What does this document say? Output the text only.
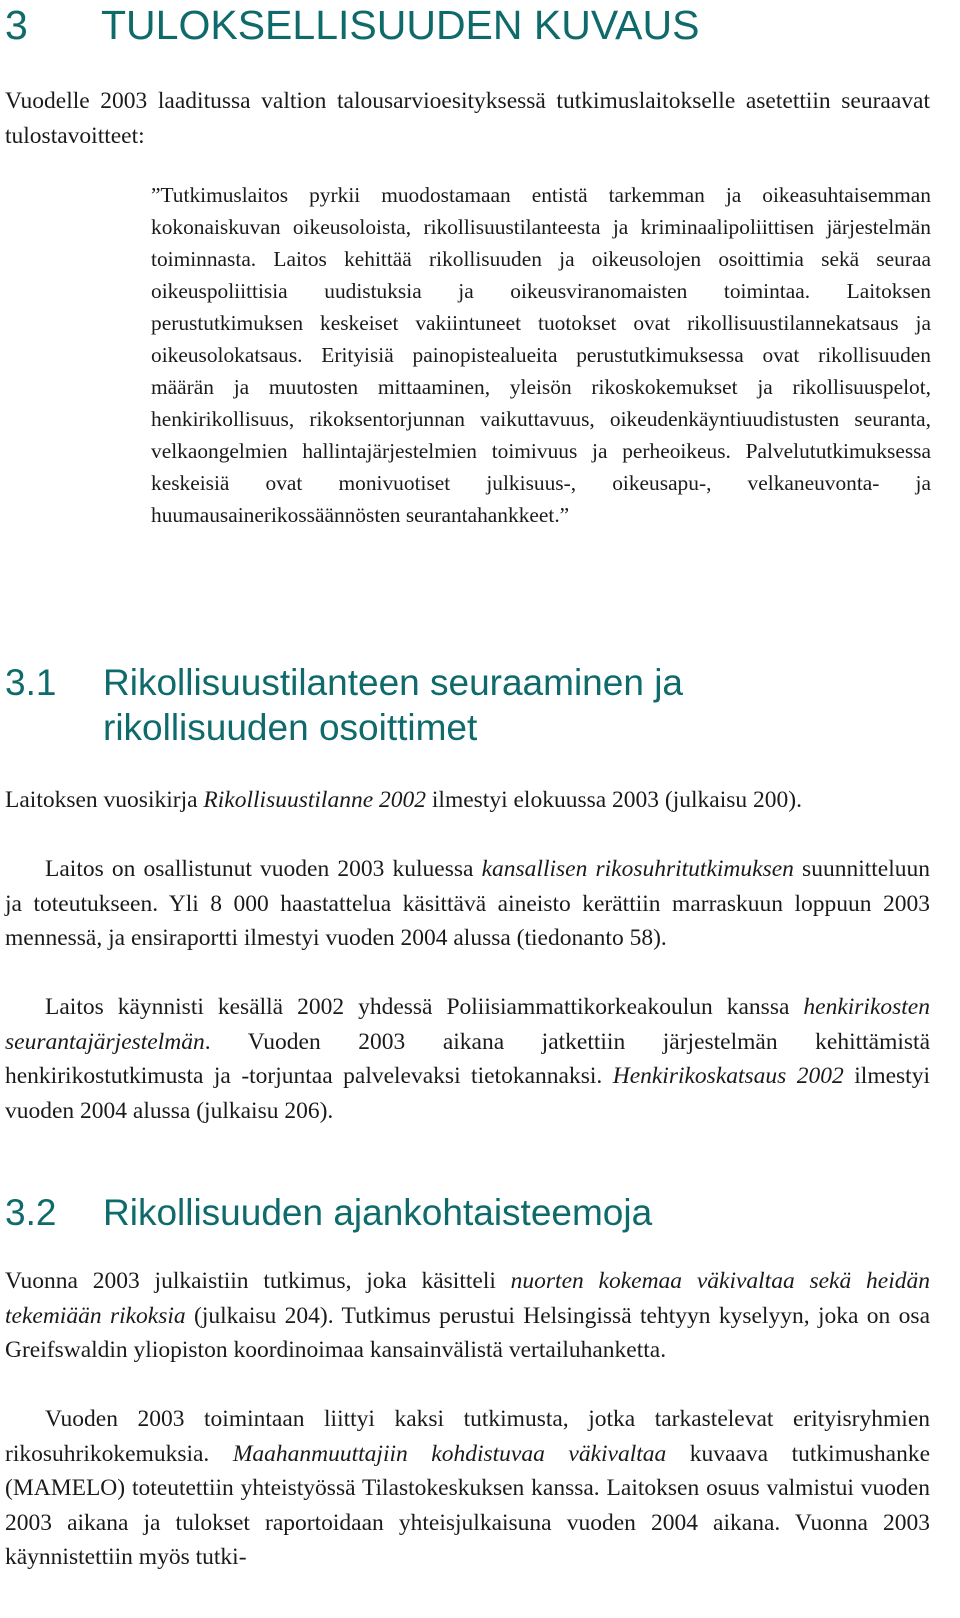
3 TULOKSELLISUUDEN KUVAUS

Vuodelle 2003 laaditussa valtion talousarvioesityksessä tutkimuslaitokselle asetettiin seuraavat tulostavoitteet:

”Tutkimuslaitos pyrkii muodostamaan entistä tarkemman ja oikeasuhtaisemman kokonaiskuvan oikeusoloista, rikollisuustilanteesta ja kriminaalipoliittisen järjestelmän toiminnasta. Laitos kehittää rikollisuuden ja oikeusolojen osoittimia sekä seuraa oikeuspoliittisia uudistuksia ja oikeusviranomaisten toimintaa. Laitoksen perustutkimuksen keskeiset vakiintuneet tuotokset ovat rikollisuustilannekatsaus ja oikeusolokatsaus. Erityisiä painopistealueita perustutkimuksessa ovat rikollisuuden määrän ja muutosten mittaaminen, yleisön rikoskokemukset ja rikollisuuspelot, henkirikollisuus, rikoksentorjunnan vaikuttavuus, oikeudenkäyntiuudistusten seuranta, velkaongelmien hallintajärjestelmien toimivuus ja perheoikeus. Palvelututkimuksessa keskeisiä ovat monivuotiset julkisuus-, oikeusapu-, velkaneuvonta- ja huumausainerikossäännösten seurantahankkeet.”

3.1 Rikollisuustilanteen seuraaminen ja
rikollisuuden osoittimet

Laitoksen vuosikirja Rikollisuustilanne 2002 ilmestyi elokuussa 2003 (julkaisu 200).

Laitos on osallistunut vuoden 2003 kuluessa kansallisen rikosuhritutkimuksen suunnitteluun ja toteutukseen. Yli 8 000 haastattelua käsittävä aineisto kerättiin marraskuun loppuun 2003 mennessä, ja ensiraportti ilmestyi vuoden 2004 alussa (tiedonanto 58).

Laitos käynnisti kesällä 2002 yhdessä Poliisiammattikorkeakoulun kanssa henkirikosten seurantajärjestelmän. Vuoden 2003 aikana jatkettiin järjestelmän kehittämistä henkirikostutkimusta ja -torjuntaa palvelevaksi tietokannaksi. Henkirikoskatsaus 2002 ilmestyi vuoden 2004 alussa (julkaisu 206).

3.2 Rikollisuuden ajankohtaisteemoja

Vuonna 2003 julkaistiin tutkimus, joka käsitteli nuorten kokemaa väkivaltaa sekä heidän tekemiään rikoksia (julkaisu 204). Tutkimus perustui Helsingissä tehtyyn kyselyyn, joka on osa Greifswaldin yliopiston koordinoimaa kansainvälistä vertailuhanketta.

Vuoden 2003 toimintaan liittyi kaksi tutkimusta, jotka tarkastelevat erityisryhmien rikosuhrikokemuksia. Maahanmuuttajiin kohdistuvaa väkivaltaa kuvaava tutkimushanke (MAMELO) toteutettiin yhteistyössä Tilastokeskuksen kanssa. Laitoksen osuus valmistui vuoden 2003 aikana ja tulokset raportoidaan yhteisjulkaisuna vuoden 2004 aikana. Vuonna 2003 käynnistettiin myös tutki-
